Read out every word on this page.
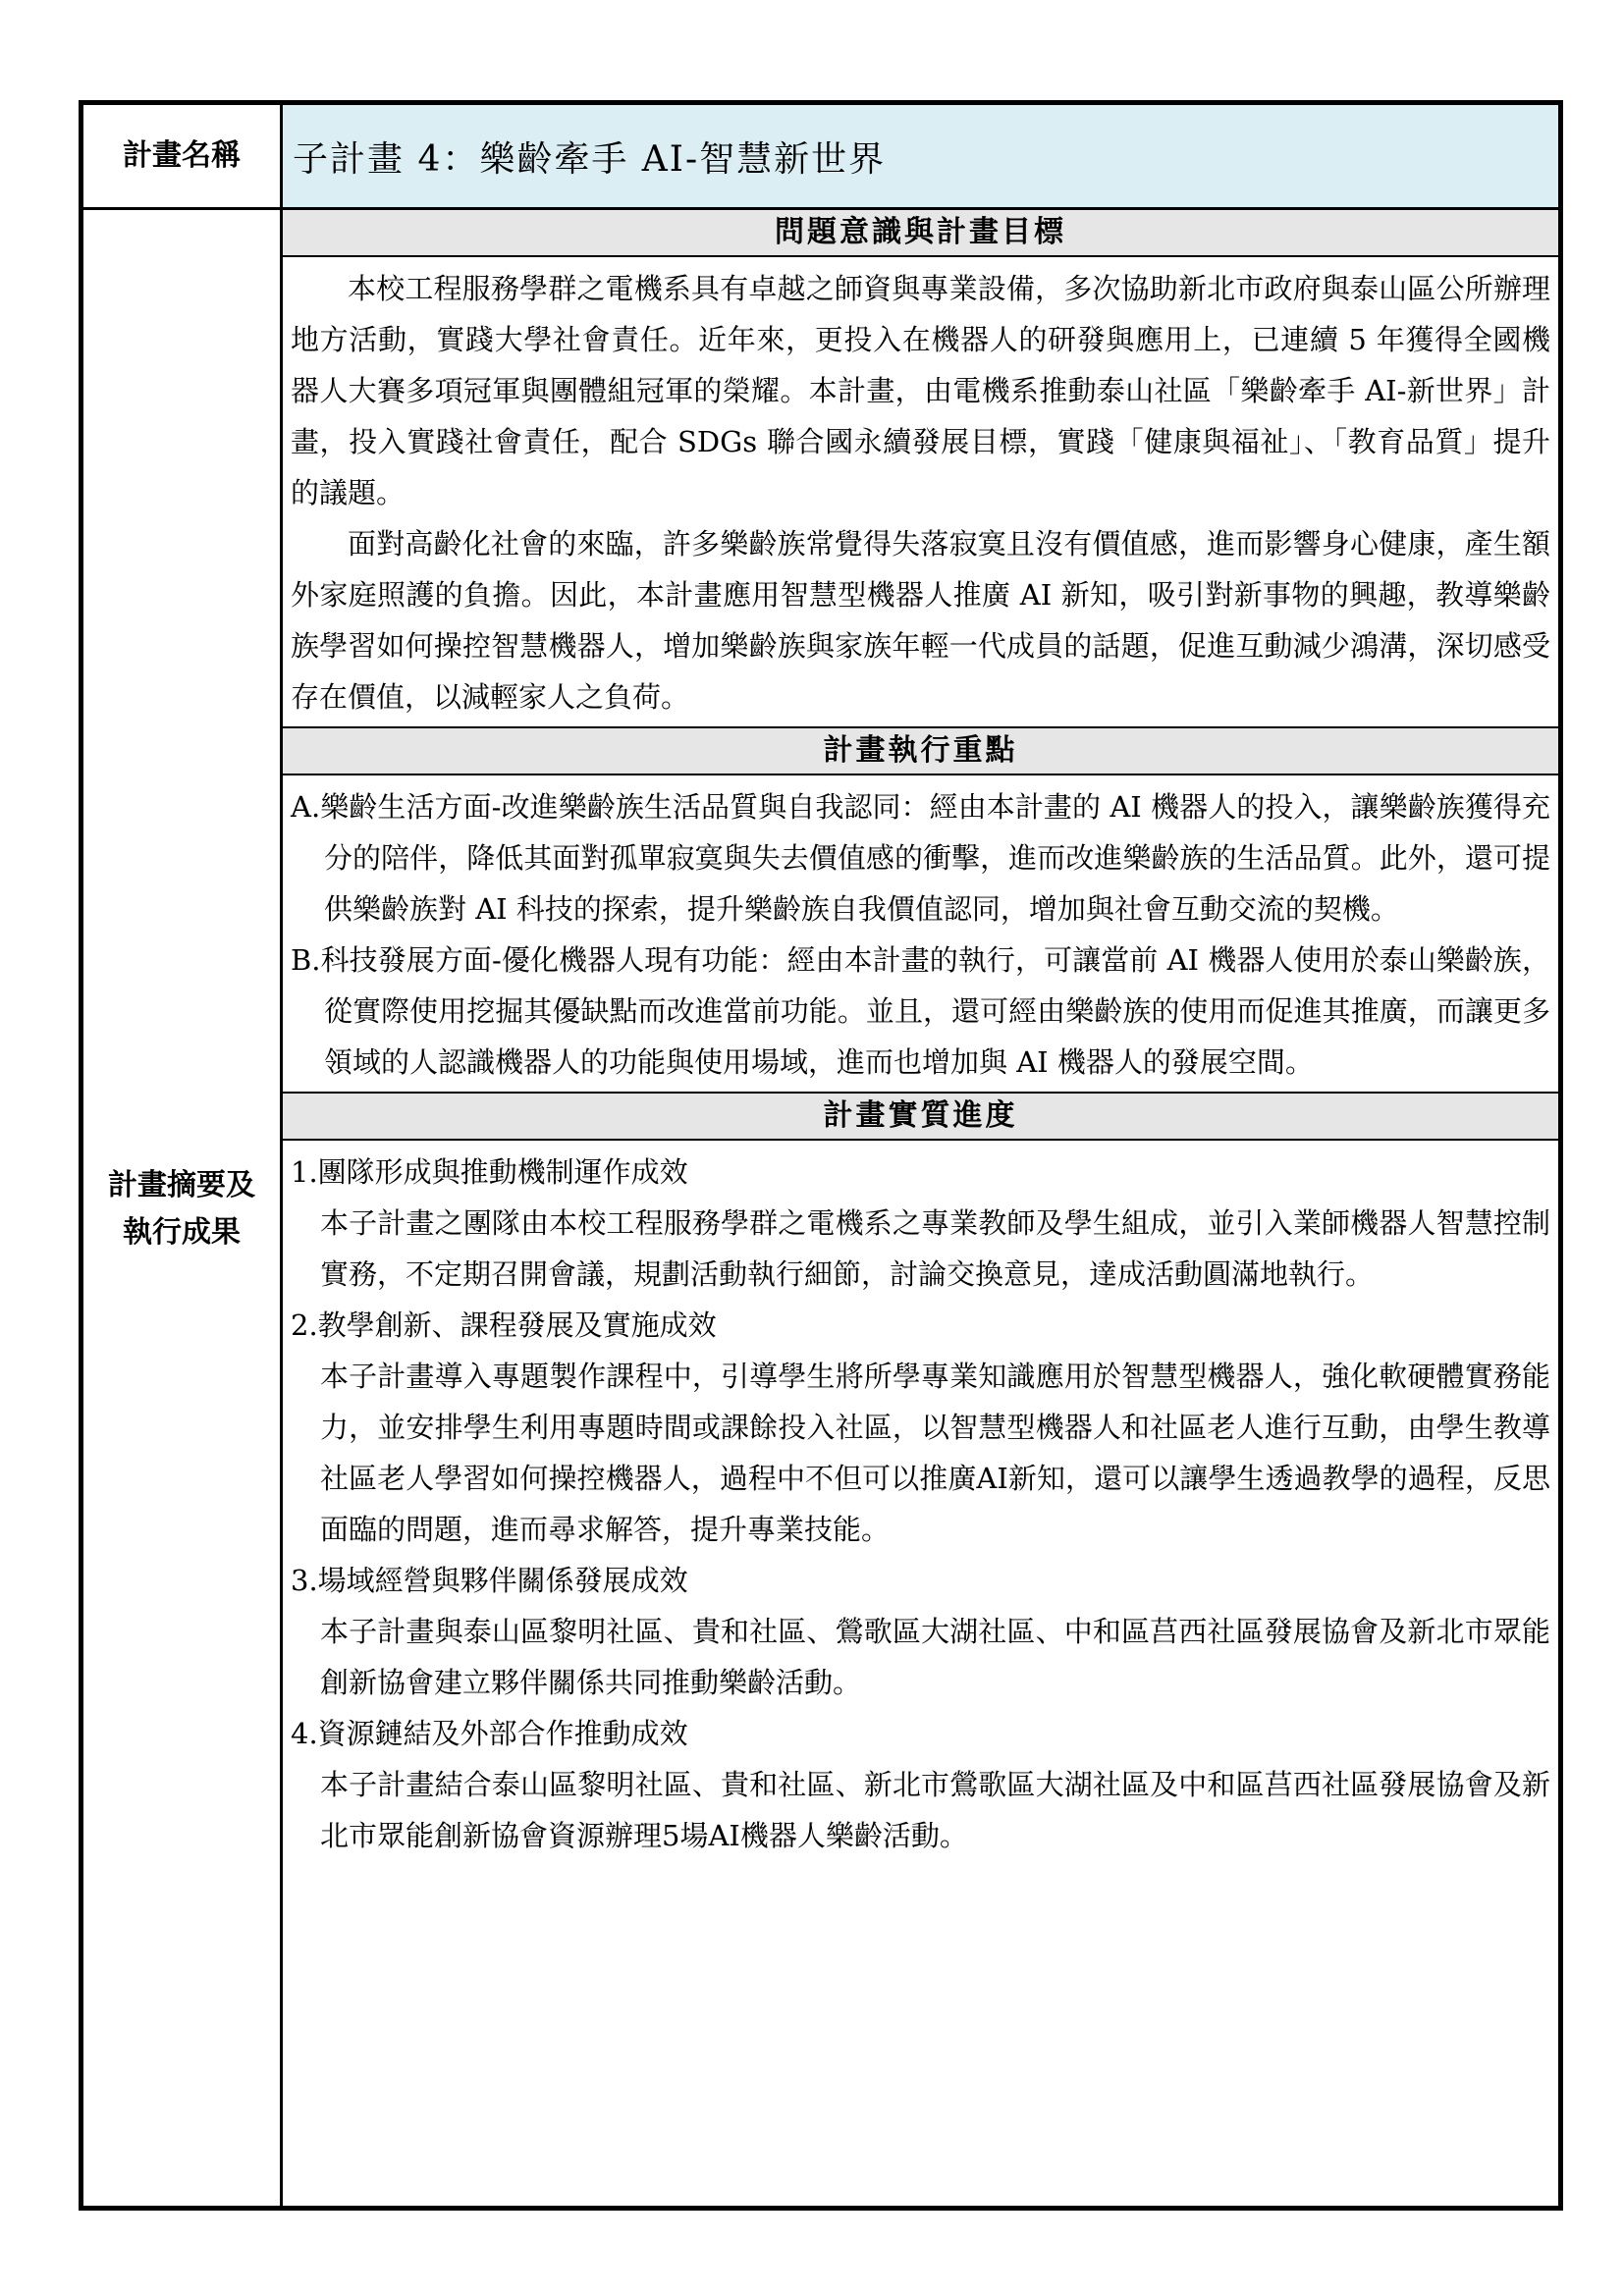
計畫名稱	子計畫 4：樂齡牽手 AI-智慧新世界
計畫摘要及
執行成果
問題意識與計畫目標

本校工程服務學群之電機系具有卓越之師資與專業設備，多次協助新北市政府與泰山區公所辦理地方活動，實踐大學社會責任。近年來，更投入在機器人的研發與應用上，已連續 5 年獲得全國機器人大賽多項冠軍與團體組冠軍的榮耀。本計畫，由電機系推動泰山社區「樂齡牽手 AI-新世界」計畫，投入實踐社會責任，配合 SDGs 聯合國永續發展目標，實踐「健康與福祉」、「教育品質」提升的議題。

面對高齡化社會的來臨，許多樂齡族常覺得失落寂寞且沒有價值感，進而影響身心健康，產生額外家庭照護的負擔。因此，本計畫應用智慧型機器人推廣 AI 新知，吸引對新事物的興趣，教導樂齡族學習如何操控智慧機器人，增加樂齡族與家族年輕一代成員的話題，促進互動減少鴻溝，深切感受存在價值，以減輕家人之負荷。

計畫執行重點

A.樂齡生活方面-改進樂齡族生活品質與自我認同：經由本計畫的 AI 機器人的投入，讓樂齡族獲得充分的陪伴，降低其面對孤單寂寞與失去價值感的衝擊，進而改進樂齡族的生活品質。此外，還可提供樂齡族對 AI 科技的探索，提升樂齡族自我價值認同，增加與社會互動交流的契機。

B.科技發展方面-優化機器人現有功能：經由本計畫的執行，可讓當前 AI 機器人使用於泰山樂齡族，從實際使用挖掘其優缺點而改進當前功能。並且，還可經由樂齡族的使用而促進其推廣，而讓更多領域的人認識機器人的功能與使用場域，進而也增加與 AI 機器人的發展空間。

計畫實質進度

1.團隊形成與推動機制運作成效

本子計畫之團隊由本校工程服務學群之電機系之專業教師及學生組成，並引入業師機器人智慧控制實務，不定期召開會議，規劃活動執行細節，討論交換意見，達成活動圓滿地執行。

2.教學創新、課程發展及實施成效

本子計畫導入專題製作課程中，引導學生將所學專業知識應用於智慧型機器人，強化軟硬體實務能力，並安排學生利用專題時間或課餘投入社區，以智慧型機器人和社區老人進行互動，由學生教導社區老人學習如何操控機器人，過程中不但可以推廣AI新知，還可以讓學生透過教學的過程，反思面臨的問題，進而尋求解答，提升專業技能。

3.場域經營與夥伴關係發展成效

本子計畫與泰山區黎明社區、貴和社區、鶯歌區大湖社區、中和區莒西社區發展協會及新北市眾能創新協會建立夥伴關係共同推動樂齡活動。

4.資源鏈結及外部合作推動成效

本子計畫結合泰山區黎明社區、貴和社區、新北市鶯歌區大湖社區及中和區莒西社區發展協會及新北市眾能創新協會資源辦理5場AI機器人樂齡活動。
